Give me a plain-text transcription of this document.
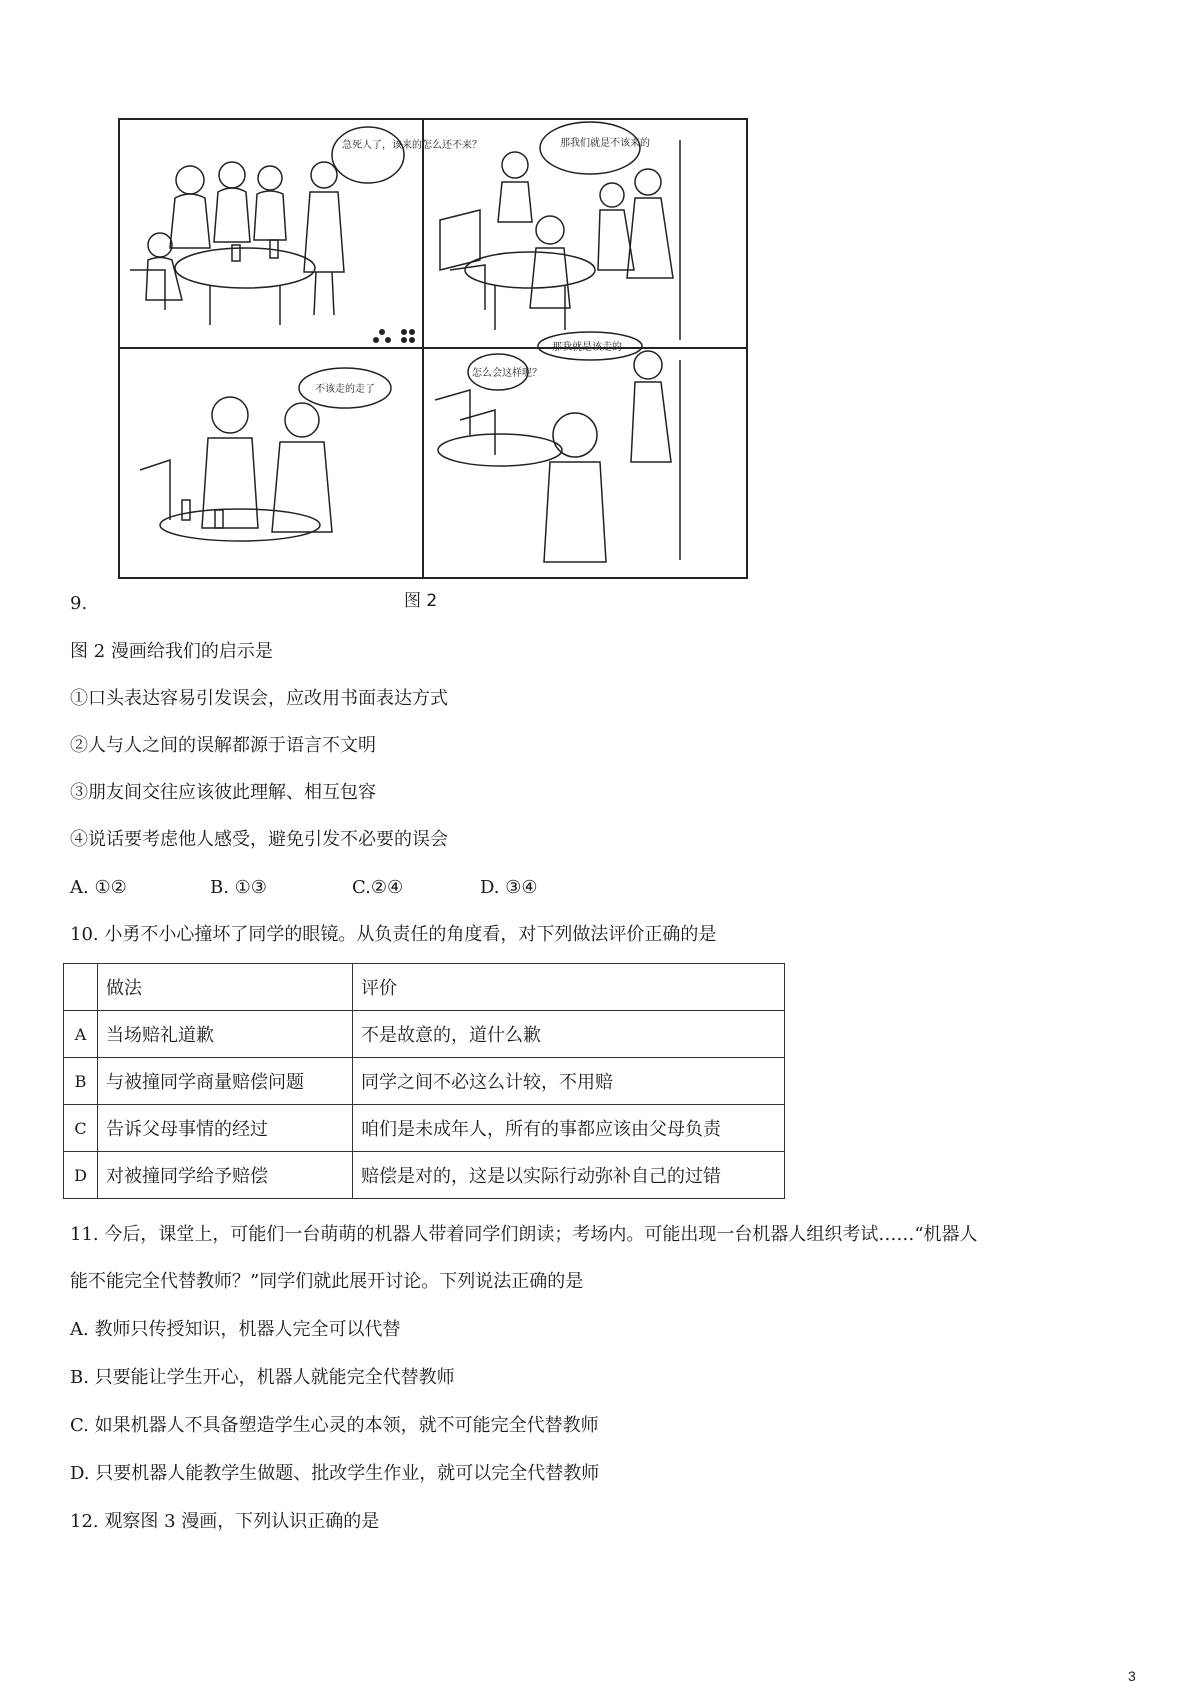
急死人了，该来的怎么还不来？	那我们就是不该来的
不该走的走了
那我就是该走的
怎么会这样呢？
图 2
9.
图 2 漫画给我们的启示是
①口头表达容易引发误会，应改用书面表达方式
②人与人之间的误解都源于语言不文明
③朋友间交往应该彼此理解、相互包容
④说话要考虑他人感受，避免引发不必要的误会
A. ①②	B. ①③	C.②④	D. ③④
10. 小勇不小心撞坏了同学的眼镜。从负责任的角度看，对下列做法评价正确的是
	做法	评价
A	当场赔礼道歉	不是故意的，道什么歉
B	与被撞同学商量赔偿问题	同学之间不必这么计较，不用赔
C	告诉父母事情的经过	咱们是未成年人，所有的事都应该由父母负责
D	对被撞同学给予赔偿	赔偿是对的，这是以实际行动弥补自己的过错
11. 今后，课堂上，可能们一台萌萌的机器人带着同学们朗读；考场内。可能出现一台机器人组织考试……“机器人
能不能完全代替教师？”同学们就此展开讨论。下列说法正确的是
A. 教师只传授知识，机器人完全可以代替
B. 只要能让学生开心，机器人就能完全代替教师
C. 如果机器人不具备塑造学生心灵的本领，就不可能完全代替教师
D. 只要机器人能教学生做题、批改学生作业，就可以完全代替教师
12. 观察图 3 漫画，下列认识正确的是
3
